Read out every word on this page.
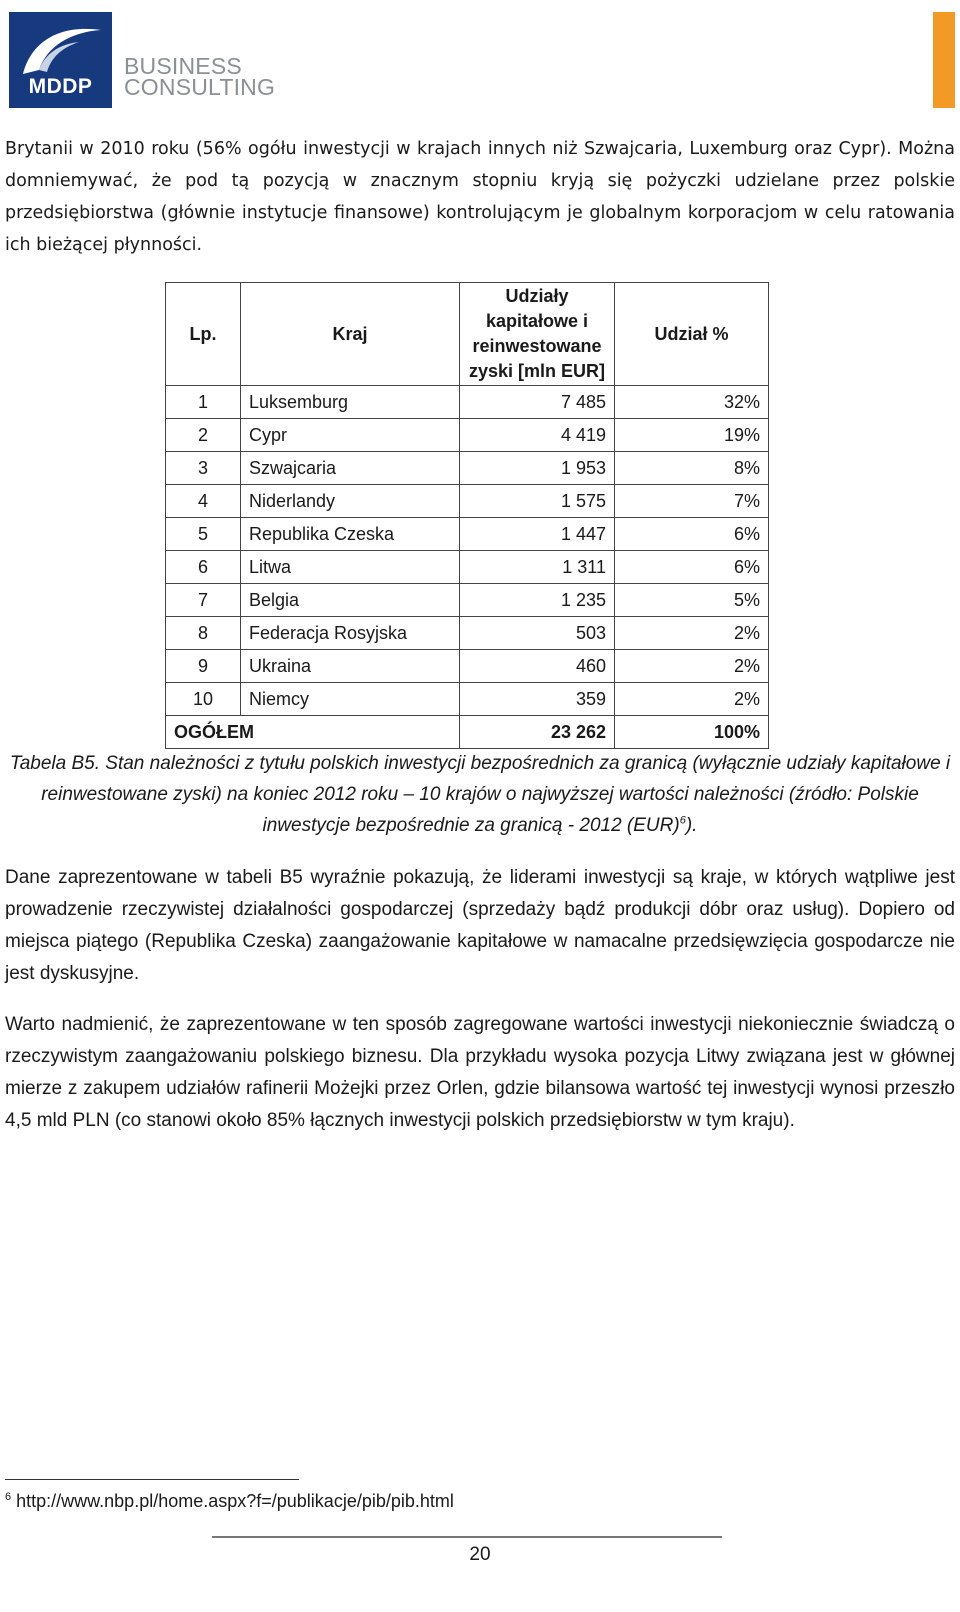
MDDP
BUSINESS
CONSULTING

Brytanii w 2010 roku (56% ogółu inwestycji w krajach innych niż Szwajcaria, Luxemburg oraz Cypr). Można domniemywać, że pod tą pozycją w znacznym stopniu kryją się pożyczki udzielane przez polskie przedsiębiorstwa (głównie instytucje finansowe) kontrolującym je globalnym korporacjom w celu ratowania ich bieżącej płynności.

Lp.	Kraj	Udziały kapitałowe i reinwestowane zyski [mln EUR]	Udział %
1	Luksemburg	7 485	32%
2	Cypr	4 419	19%
3	Szwajcaria	1 953	8%
4	Niderlandy	1 575	7%
5	Republika Czeska	1 447	6%
6	Litwa	1 311	6%
7	Belgia	1 235	5%
8	Federacja Rosyjska	503	2%
9	Ukraina	460	2%
10	Niemcy	359	2%
OGÓŁEM		23 262	100%

Tabela B5. Stan należności z tytułu polskich inwestycji bezpośrednich za granicą (wyłącznie udziały kapitałowe i reinwestowane zyski) na koniec 2012 roku – 10 krajów o najwyższej wartości należności (źródło: Polskie inwestycje bezpośrednie za granicą - 2012 (EUR)$^6$).

Dane zaprezentowane w tabeli B5 wyraźnie pokazują, że liderami inwestycji są kraje, w których wątpliwe jest prowadzenie rzeczywistej działalności gospodarczej (sprzedaży bądź produkcji dóbr oraz usług). Dopiero od miejsca piątego (Republika Czeska) zaangażowanie kapitałowe w namacalne przedsięwzięcia gospodarcze nie jest dyskusyjne.

Warto nadmienić, że zaprezentowane w ten sposób zagregowane wartości inwestycji niekoniecznie świadczą o rzeczywistym zaangażowaniu polskiego biznesu. Dla przykładu wysoka pozycja Litwy związana jest w głównej mierze z zakupem udziałów rafinerii Możejki przez Orlen, gdzie bilansowa wartość tej inwestycji wynosi przeszło 4,5 mld PLN (co stanowi około 85% łącznych inwestycji polskich przedsiębiorstw w tym kraju).

$^6$ http://www.nbp.pl/home.aspx?f=/publikacje/pib/pib.html
20
